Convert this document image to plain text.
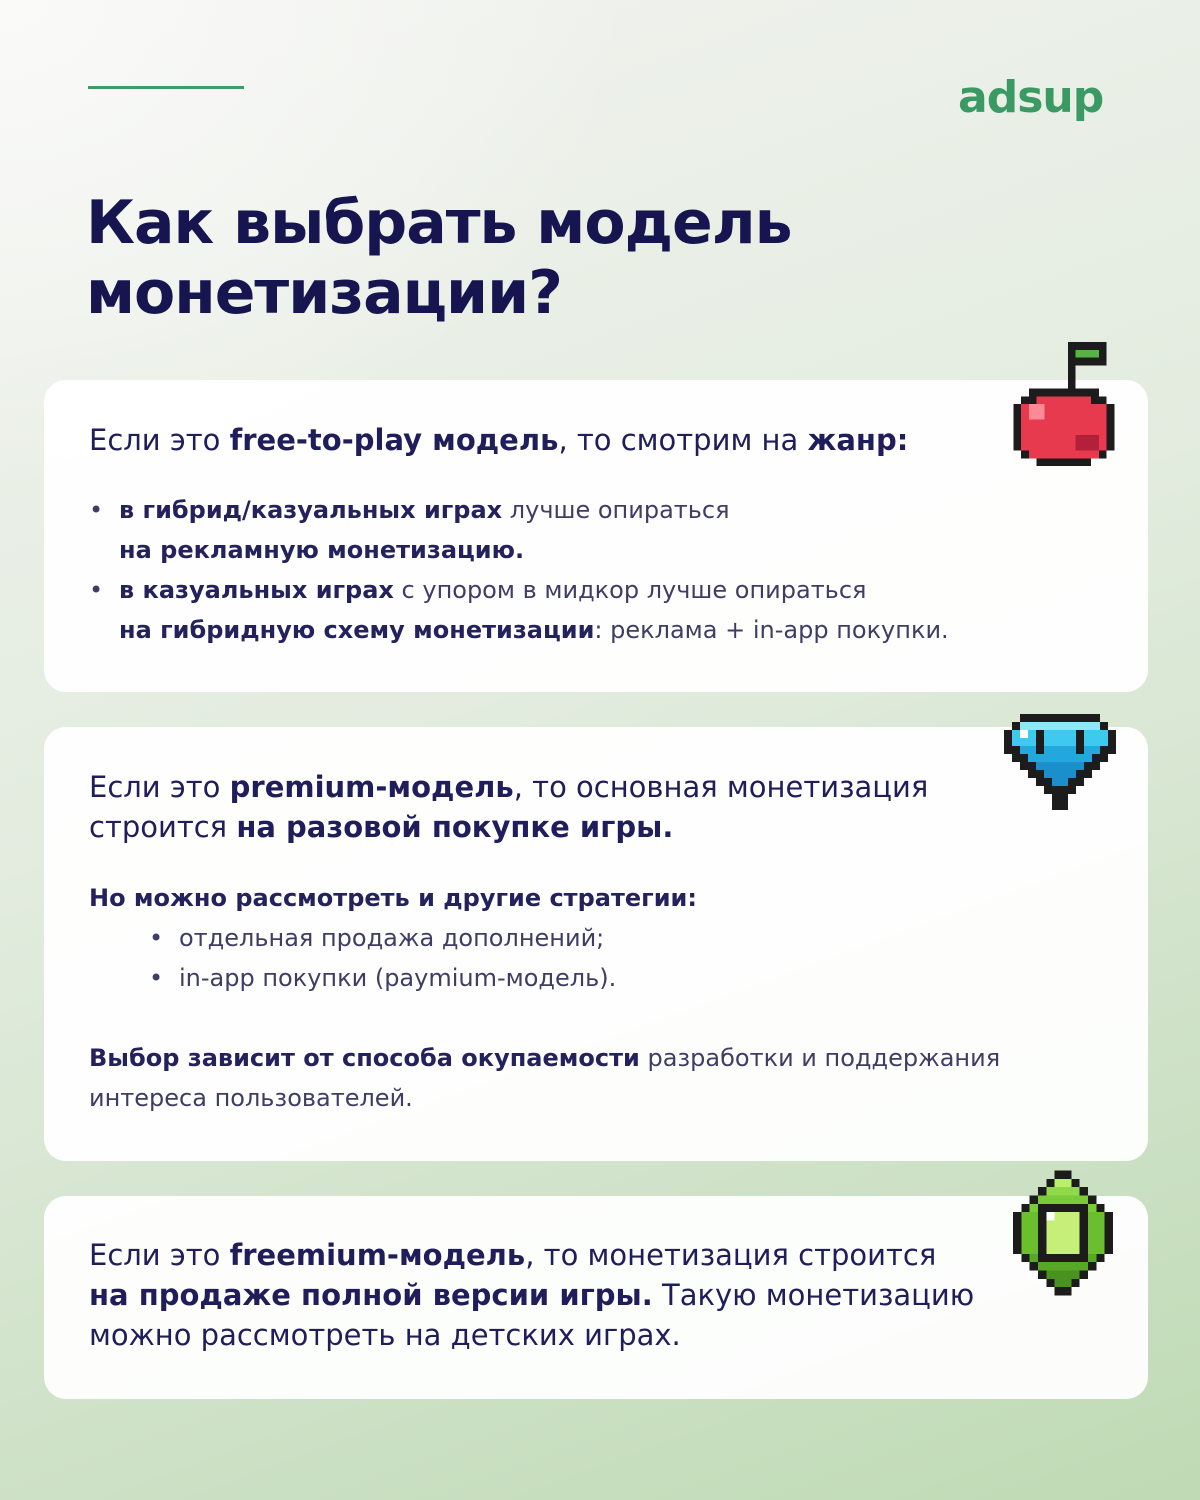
adsup
Как выбрать модель
монетизации?

Если это free-to-play модель, то смотрим на жанр:

• в гибрид/казуальных играх лучше опираться
на рекламную монетизацию.
• в казуальных играх с упором в мидкор лучше опираться
на гибридную схему монетизации: реклама + in-app покупки.

Если это premium-модель, то основная монетизация
строится на разовой покупке игры.

Но можно рассмотреть и другие стратегии:

• отдельная продажа дополнений;
• in-app покупки (paymium-модель).

Выбор зависит от способа окупаемости разработки и поддержания
интереса пользователей.

Если это freemium-модель, то монетизация строится
на продаже полной версии игры. Такую монетизацию
можно рассмотреть на детских играх.
